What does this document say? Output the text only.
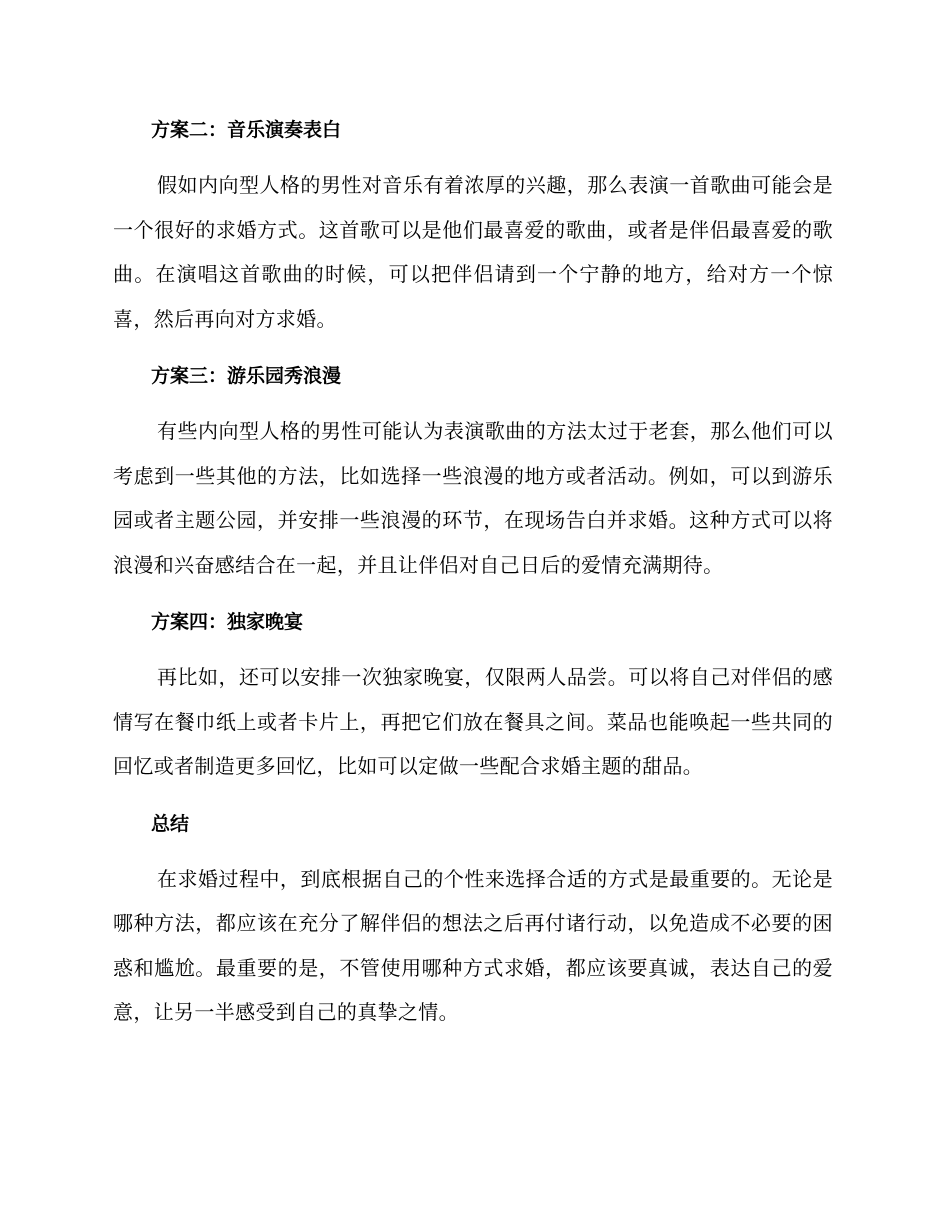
方案二：音乐演奏表白

假如内向型人格的男性对音乐有着浓厚的兴趣，那么表演一首歌曲可能会是一个很好的求婚方式。这首歌可以是他们最喜爱的歌曲，或者是伴侣最喜爱的歌曲。在演唱这首歌曲的时候，可以把伴侣请到一个宁静的地方，给对方一个惊喜，然后再向对方求婚。

方案三：游乐园秀浪漫

有些内向型人格的男性可能认为表演歌曲的方法太过于老套，那么他们可以考虑到一些其他的方法，比如选择一些浪漫的地方或者活动。例如，可以到游乐园或者主题公园，并安排一些浪漫的环节，在现场告白并求婚。这种方式可以将浪漫和兴奋感结合在一起，并且让伴侣对自己日后的爱情充满期待。

方案四：独家晚宴

再比如，还可以安排一次独家晚宴，仅限两人品尝。可以将自己对伴侣的感情写在餐巾纸上或者卡片上，再把它们放在餐具之间。菜品也能唤起一些共同的回忆或者制造更多回忆，比如可以定做一些配合求婚主题的甜品。

总结

在求婚过程中，到底根据自己的个性来选择合适的方式是最重要的。无论是哪种方法，都应该在充分了解伴侣的想法之后再付诸行动，以免造成不必要的困惑和尴尬。最重要的是，不管使用哪种方式求婚，都应该要真诚，表达自己的爱意，让另一半感受到自己的真挚之情。
